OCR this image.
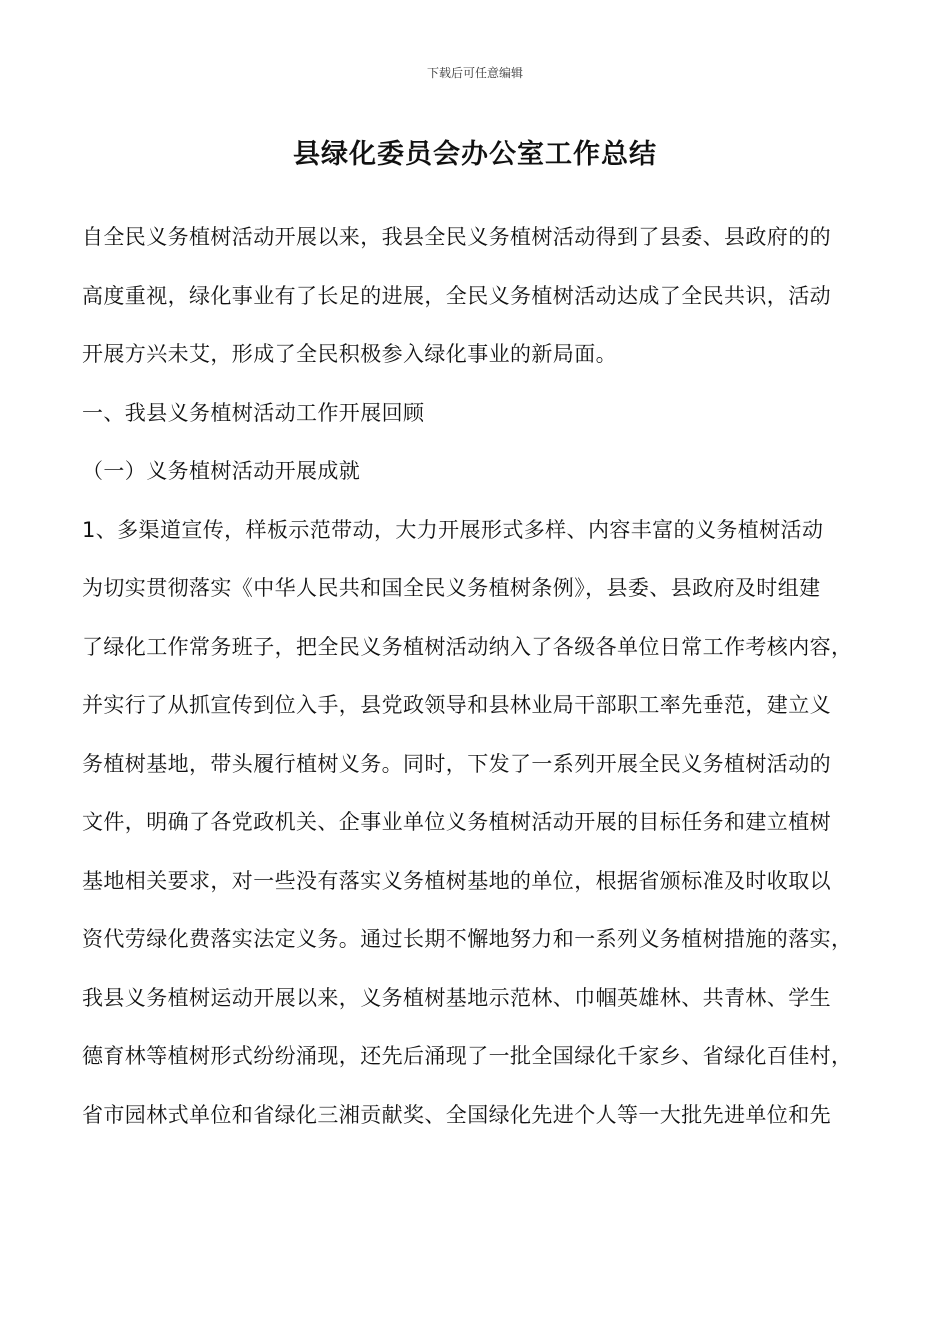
下载后可任意编辑
县绿化委员会办公室工作总结
自全民义务植树活动开展以来，我县全民义务植树活动得到了县委、县政府的的
高度重视，绿化事业有了长足的进展，全民义务植树活动达成了全民共识，活动
开展方兴未艾，形成了全民积极参入绿化事业的新局面。
一、我县义务植树活动工作开展回顾
（一）义务植树活动开展成就
1、多渠道宣传，样板示范带动，大力开展形式多样、内容丰富的义务植树活动
为切实贯彻落实《中华人民共和国全民义务植树条例》，县委、县政府及时组建
了绿化工作常务班子，把全民义务植树活动纳入了各级各单位日常工作考核内容，
并实行了从抓宣传到位入手，县党政领导和县林业局干部职工率先垂范，建立义
务植树基地，带头履行植树义务。同时，下发了一系列开展全民义务植树活动的
文件，明确了各党政机关、企事业单位义务植树活动开展的目标任务和建立植树
基地相关要求，对一些没有落实义务植树基地的单位，根据省颁标准及时收取以
资代劳绿化费落实法定义务。通过长期不懈地努力和一系列义务植树措施的落实，
我县义务植树运动开展以来，义务植树基地示范林、巾帼英雄林、共青林、学生
德育林等植树形式纷纷涌现，还先后涌现了一批全国绿化千家乡、省绿化百佳村，
省市园林式单位和省绿化三湘贡献奖、全国绿化先进个人等一大批先进单位和先
